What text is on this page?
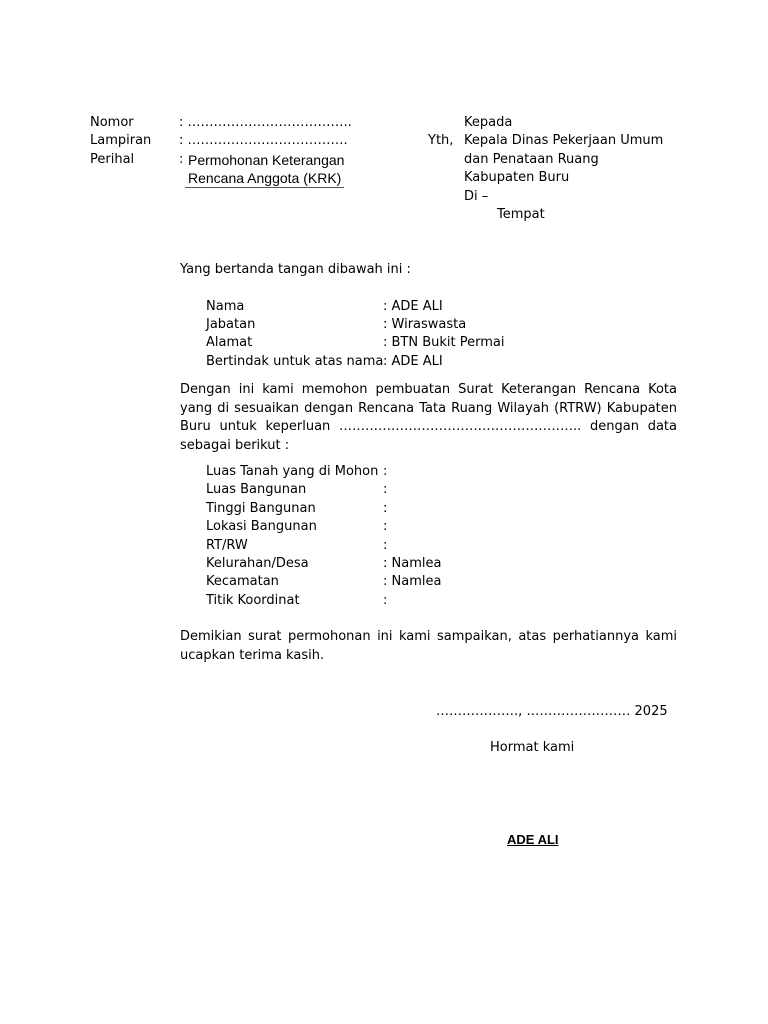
Nomor	: ………………………………..
Lampiran : ……………………………….
Perihal	: Permohonan Keterangan
Rencana Anggota (KRK)
Yth,
Kepada
Kepala Dinas Pekerjaan Umum
dan Penataan Ruang
Kabupaten Buru
Di –
Tempat
Yang bertanda tangan dibawah ini :
Nama	: ADE ALI
Jabatan	: Wiraswasta
Alamat	: BTN Bukit Permai
Bertindak untuk atas nama : ADE ALI

Dengan ini kami memohon pembuatan Surat Keterangan Rencana Kota yang di sesuaikan dengan Rencana Tata Ruang Wilayah (RTRW) Kabupaten Buru untuk keperluan ……………………………………………….. dengan data sebagai berikut :

Luas Tanah yang di Mohon :
Luas Bangunan	:
Tinggi Bangunan	:
Lokasi Bangunan	:
RT/RW	:
Kelurahan/Desa	: Namlea
Kecamatan	: Namlea
Titik Koordinat	:

Demikian surat permohonan ini kami sampaikan, atas perhatiannya kami ucapkan terima kasih.

………………., …………………… 2025
Hormat kami
ADE ALI
